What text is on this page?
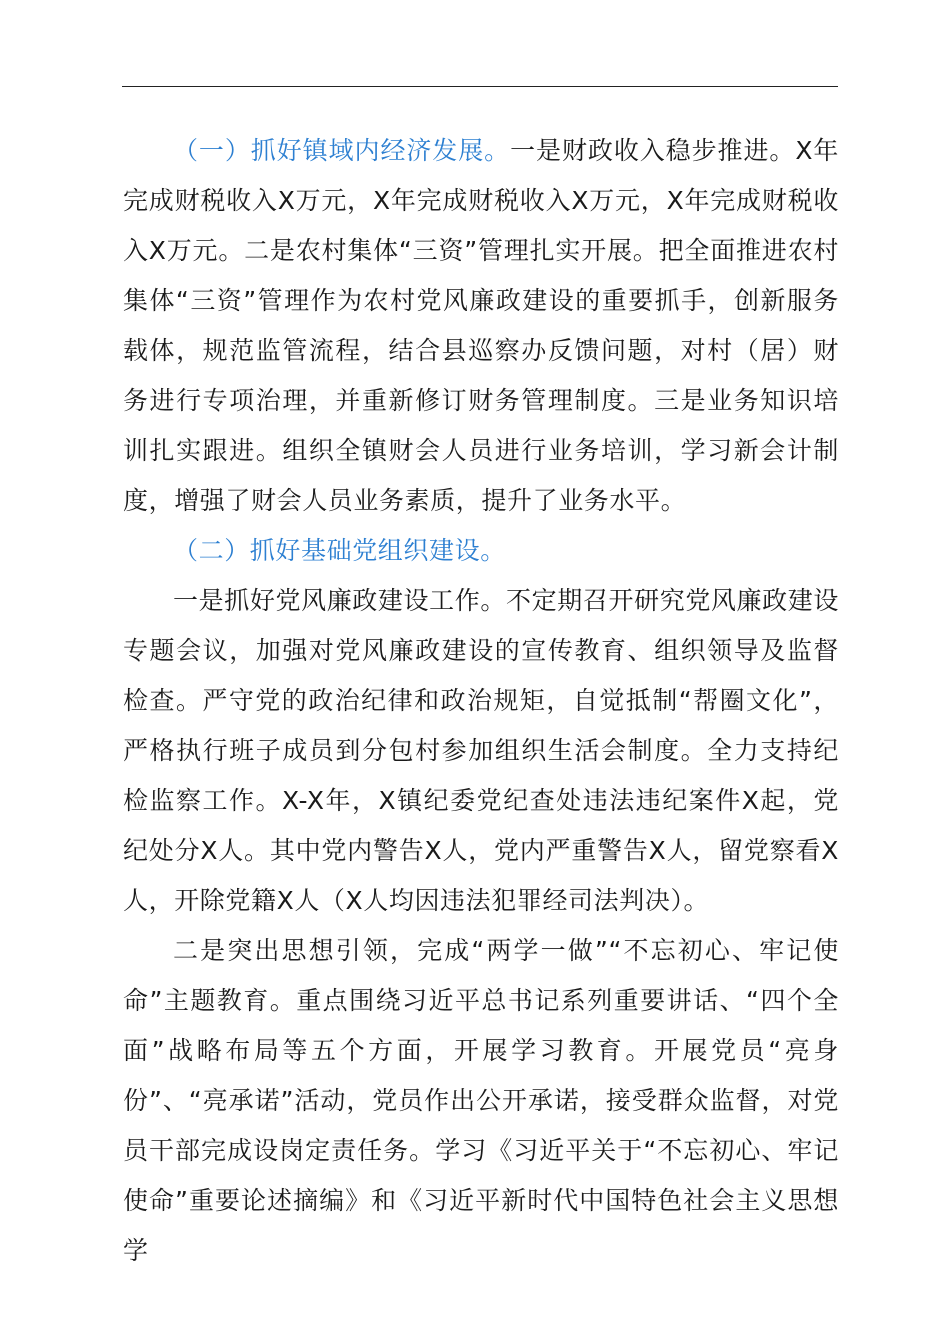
（一）抓好镇域内经济发展。一是财政收入稳步推进。X年完成财税收入X万元，X年完成财税收入X万元，X年完成财税收入X万元。二是农村集体“三资”管理扎实开展。把全面推进农村集体“三资”管理作为农村党风廉政建设的重要抓手，创新服务载体，规范监管流程，结合县巡察办反馈问题，对村（居）财务进行专项治理，并重新修订财务管理制度。三是业务知识培训扎实跟进。组织全镇财会人员进行业务培训，学习新会计制度，增强了财会人员业务素质，提升了业务水平。

（二）抓好基础党组织建设。

一是抓好党风廉政建设工作。不定期召开研究党风廉政建设专题会议，加强对党风廉政建设的宣传教育、组织领导及监督检查。严守党的政治纪律和政治规矩，自觉抵制“帮圈文化”，严格执行班子成员到分包村参加组织生活会制度。全力支持纪检监察工作。X-X年，X镇纪委党纪查处违法违纪案件X起，党纪处分X人。其中党内警告X人，党内严重警告X人，留党察看X人，开除党籍X人（X人均因违法犯罪经司法判决）。

二是突出思想引领，完成“两学一做”“不忘初心、牢记使命”主题教育。重点围绕习近平总书记系列重要讲话、“四个全面”战略布局等五个方面，开展学习教育。开展党员“亮身份”、“亮承诺”活动，党员作出公开承诺，接受群众监督，对党员干部完成设岗定责任务。学习《习近平关于“不忘初心、牢记使命”重要论述摘编》和《习近平新时代中国特色社会主义思想学
